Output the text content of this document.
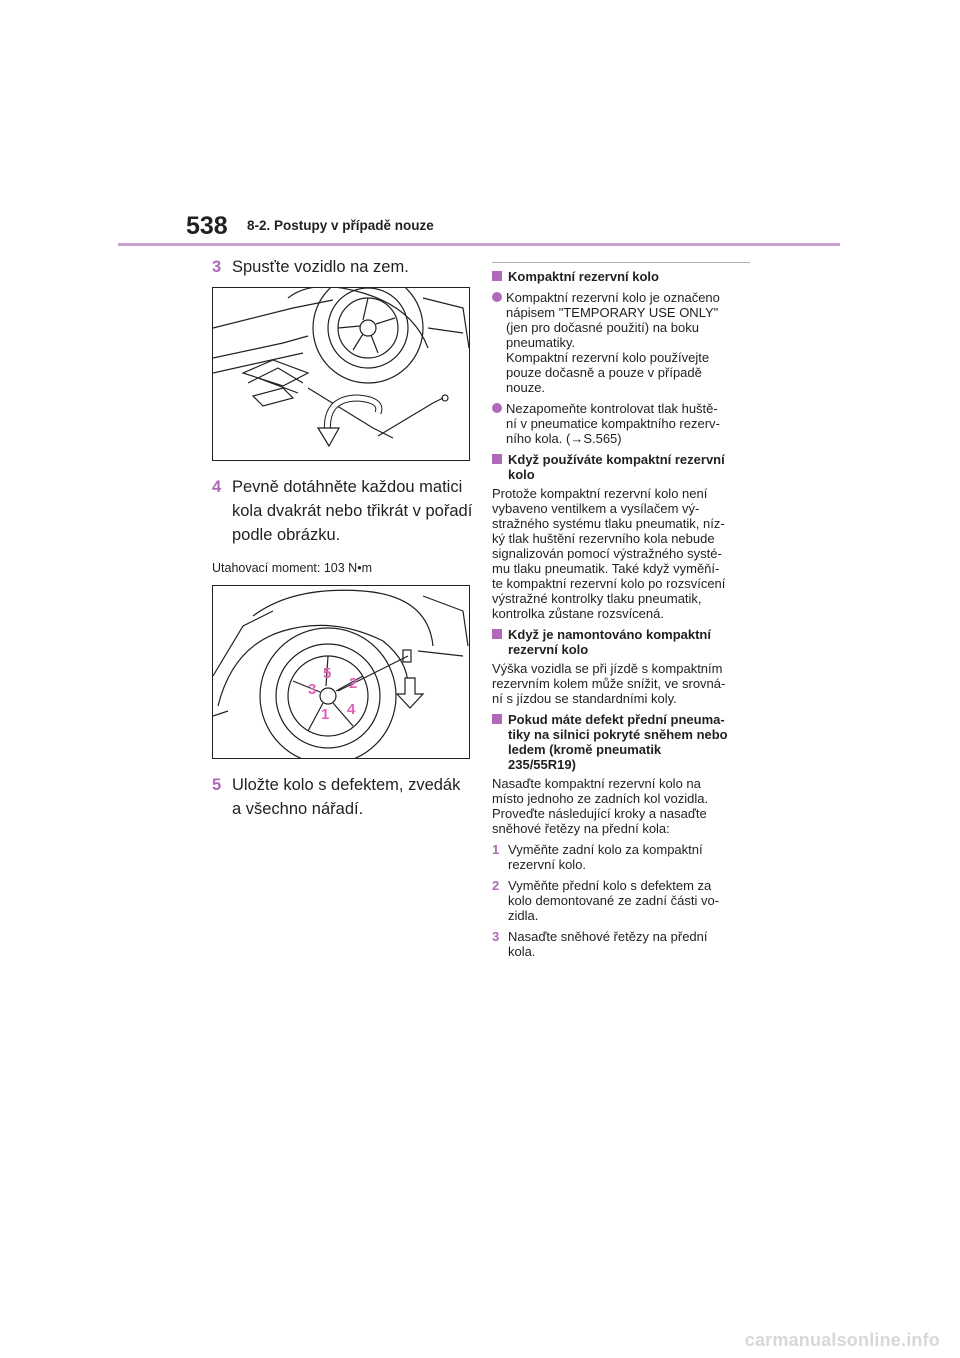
538 8-2. Postupy v případě nouze
3 Spusťte vozidlo na zem.
4 Pevně dotáhněte každou matici
kola dvakrát nebo třikrát v pořadí
podle obrázku.
Utahovací moment: 103 N•m
5
2
3
1 4
5 Uložte kolo s defektem, zvedák
a všechno nářadí.
Kompaktní rezervní kolo
Kompaktní rezervní kolo je označeno
nápisem "TEMPORARY USE ONLY"
(jen pro dočasné použití) na boku
pneumatiky.
Kompaktní rezervní kolo používejte
pouze dočasně a pouze v případě
nouze.
Nezapomeňte kontrolovat tlak huště-
ní v pneumatice kompaktního rezerv-
ního kola. (→S.565)
Když používáte kompaktní rezervní
kolo
Protože kompaktní rezervní kolo není
vybaveno ventilkem a vysílačem vý-
stražného systému tlaku pneumatik, níz-
ký tlak huštění rezervního kola nebude
signalizován pomocí výstražného systé-
mu tlaku pneumatik. Také když vyměňí-
te kompaktní rezervní kolo po rozsvícení
výstražné kontrolky tlaku pneumatik,
kontrolka zůstane rozsvícená.
Když je namontováno kompaktní
rezervní kolo
Výška vozidla se při jízdě s kompaktním
rezervním kolem může snížit, ve srovná-
ní s jízdou se standardními koly.
Pokud máte defekt přední pneuma-
tiky na silnici pokryté sněhem nebo
ledem (kromě pneumatik
235/55R19)
Nasaďte kompaktní rezervní kolo na
místo jednoho ze zadních kol vozidla.
Proveďte následující kroky a nasaďte
sněhové řetězy na přední kola:
1 Vyměňte zadní kolo za kompaktní
rezervní kolo.
2 Vyměňte přední kolo s defektem za
kolo demontované ze zadní části vo-
zidla.
3 Nasaďte sněhové řetězy na přední
kola.
carmanualsonline.info
